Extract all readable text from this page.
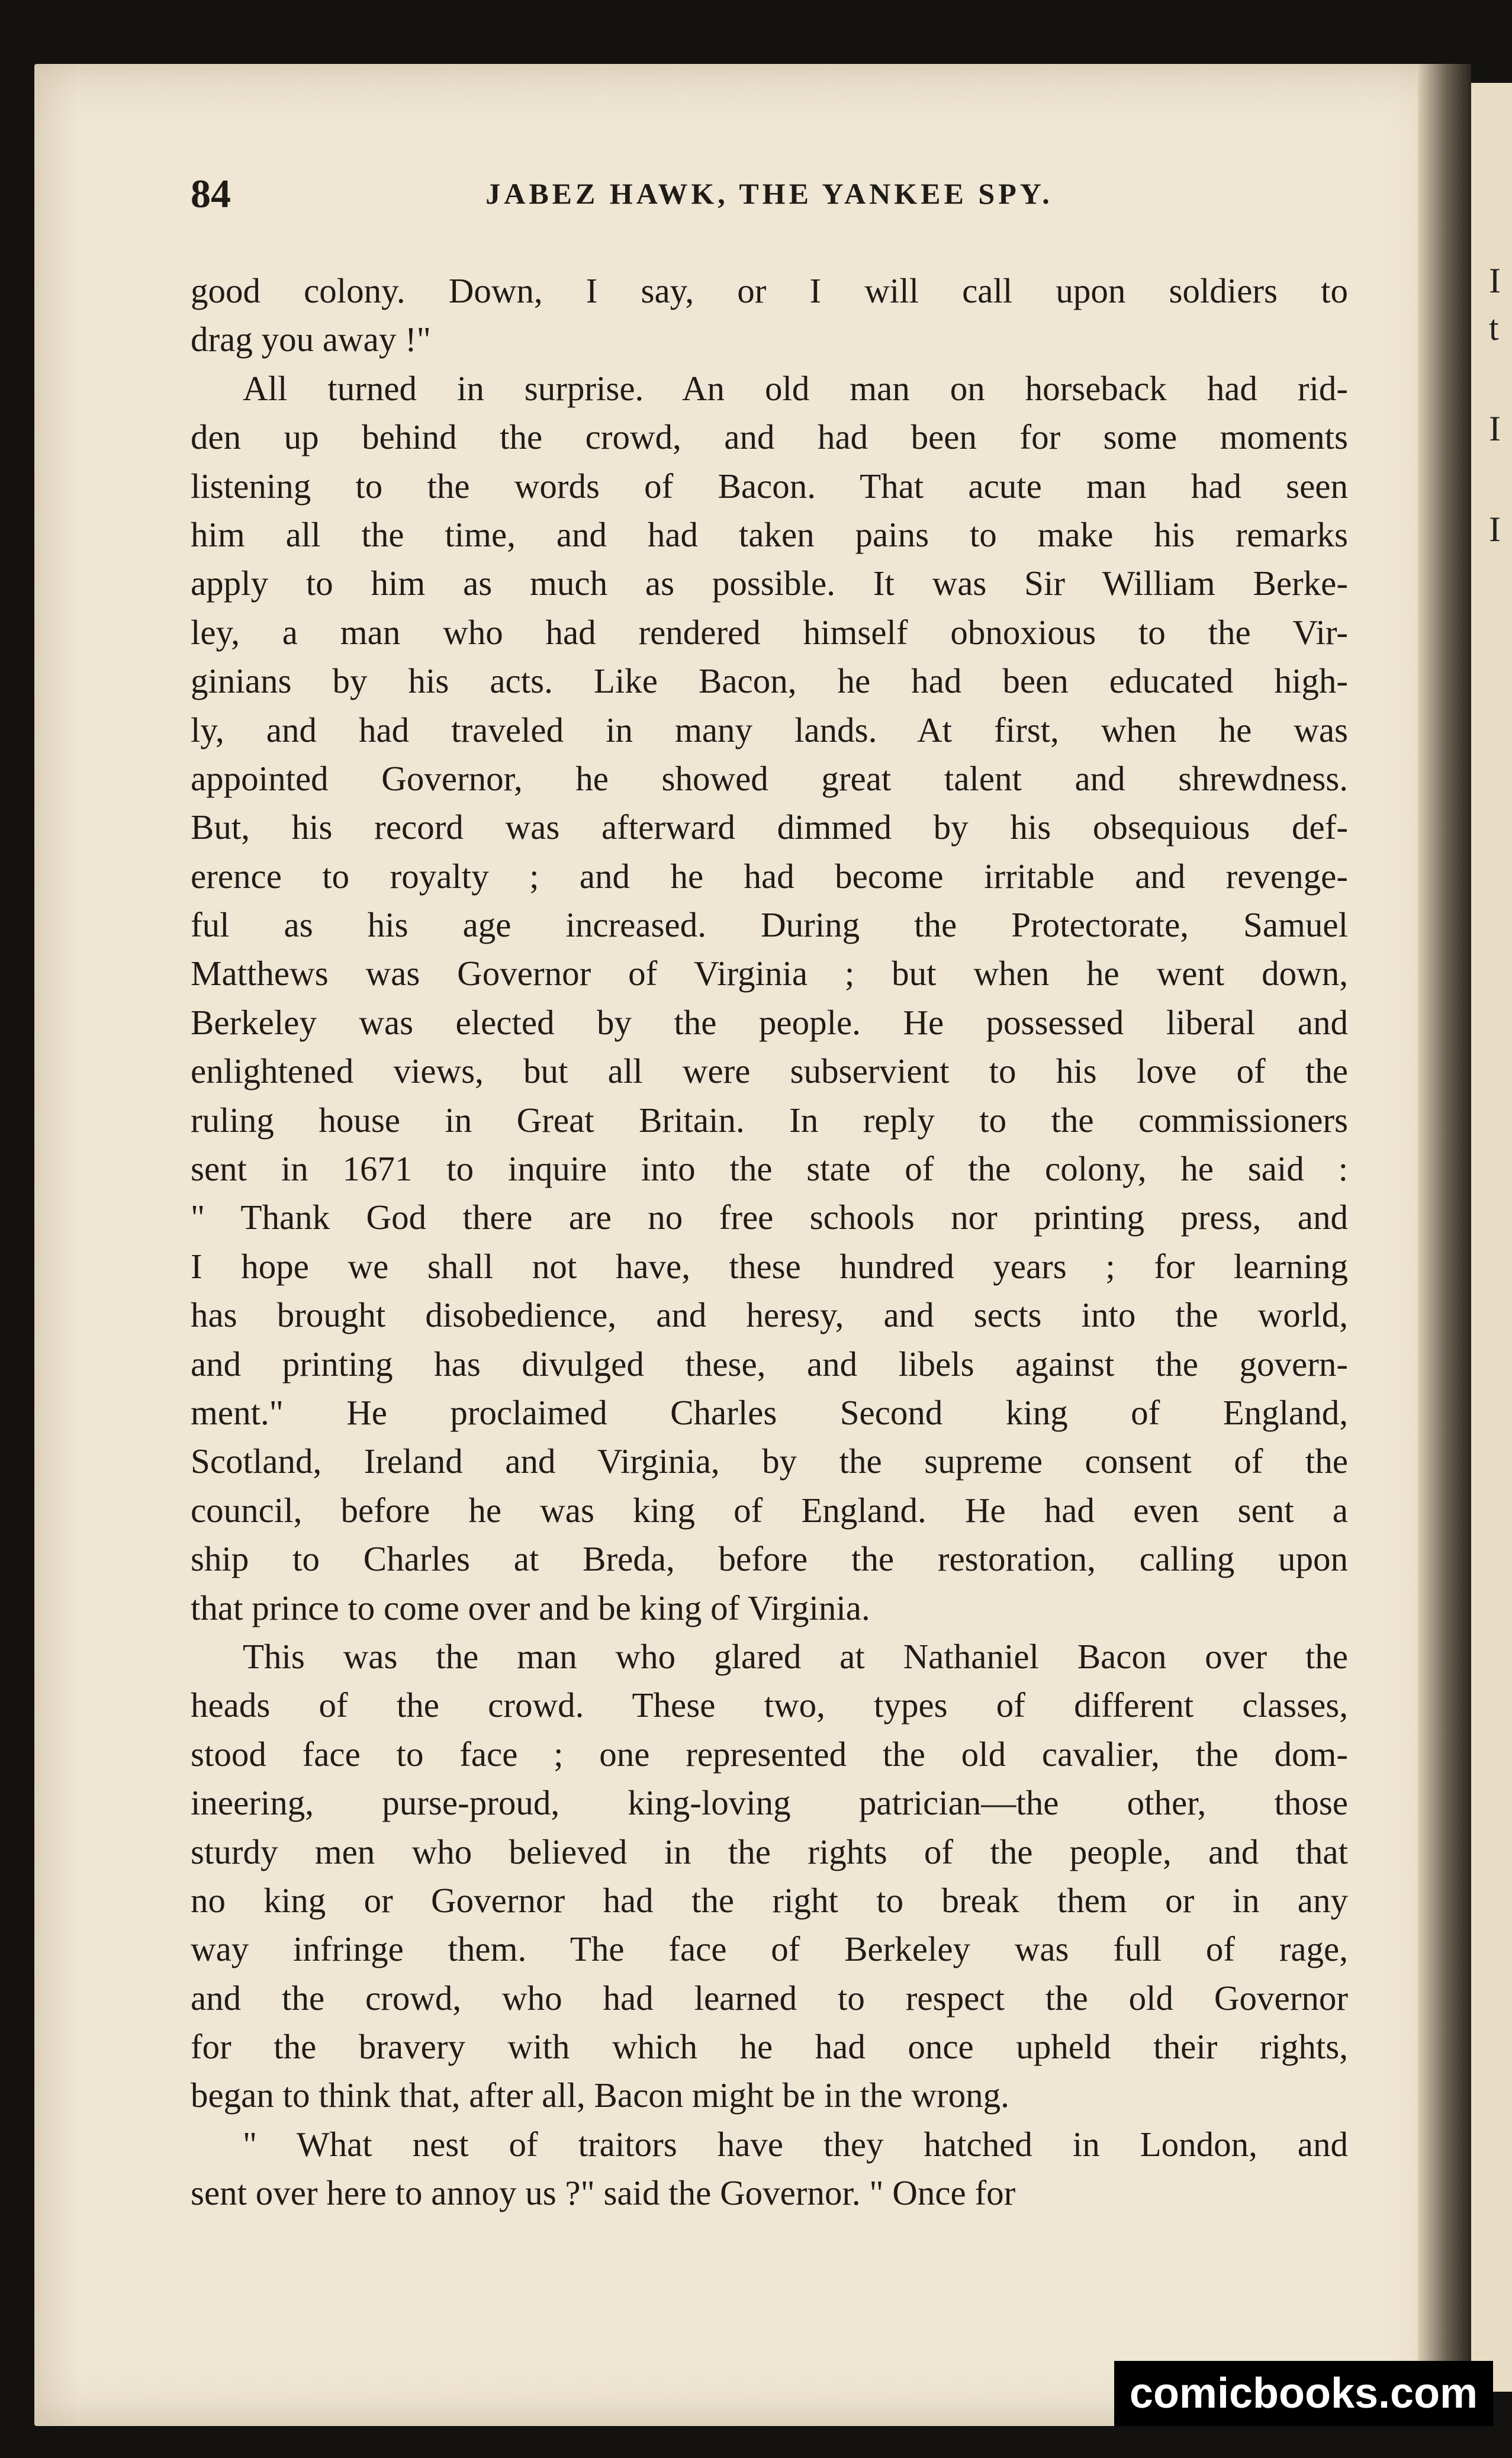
I
t
I
I
84	JABEZ HAWK, THE YANKEE SPY.

good colony. Down, I say, or I will call upon soldiers to
drag you away !"

All turned in surprise. An old man on horseback had rid-
den up behind the crowd, and had been for some moments
listening to the words of Bacon. That acute man had seen
him all the time, and had taken pains to make his remarks
apply to him as much as possible. It was Sir William Berke-
ley, a man who had rendered himself obnoxious to the Vir-
ginians by his acts. Like Bacon, he had been educated high-
ly, and had traveled in many lands. At first, when he was
appointed Governor, he showed great talent and shrewdness.
But, his record was afterward dimmed by his obsequious def-
erence to royalty ; and he had become irritable and revenge-
ful as his age increased. During the Protectorate, Samuel
Matthews was Governor of Virginia ; but when he went down,
Berkeley was elected by the people. He possessed liberal and
enlightened views, but all were subservient to his love of the
ruling house in Great Britain. In reply to the commissioners
sent in 1671 to inquire into the state of the colony, he said :
" Thank God there are no free schools nor printing press, and
I hope we shall not have, these hundred years ; for learning
has brought disobedience, and heresy, and sects into the world,
and printing has divulged these, and libels against the govern-
ment." He proclaimed Charles Second king of England,
Scotland, Ireland and Virginia, by the supreme consent of the
council, before he was king of England. He had even sent a
ship to Charles at Breda, before the restoration, calling upon
that prince to come over and be king of Virginia.

This was the man who glared at Nathaniel Bacon over the
heads of the crowd. These two, types of different classes,
stood face to face ; one represented the old cavalier, the dom-
ineering, purse-proud, king-loving patrician—the other, those
sturdy men who believed in the rights of the people, and that
no king or Governor had the right to break them or in any
way infringe them. The face of Berkeley was full of rage,
and the crowd, who had learned to respect the old Governor
for the bravery with which he had once upheld their rights,
began to think that, after all, Bacon might be in the wrong.

" What nest of traitors have they hatched in London, and
sent over here to annoy us ?" said the Governor. " Once for

comicbooks.com
